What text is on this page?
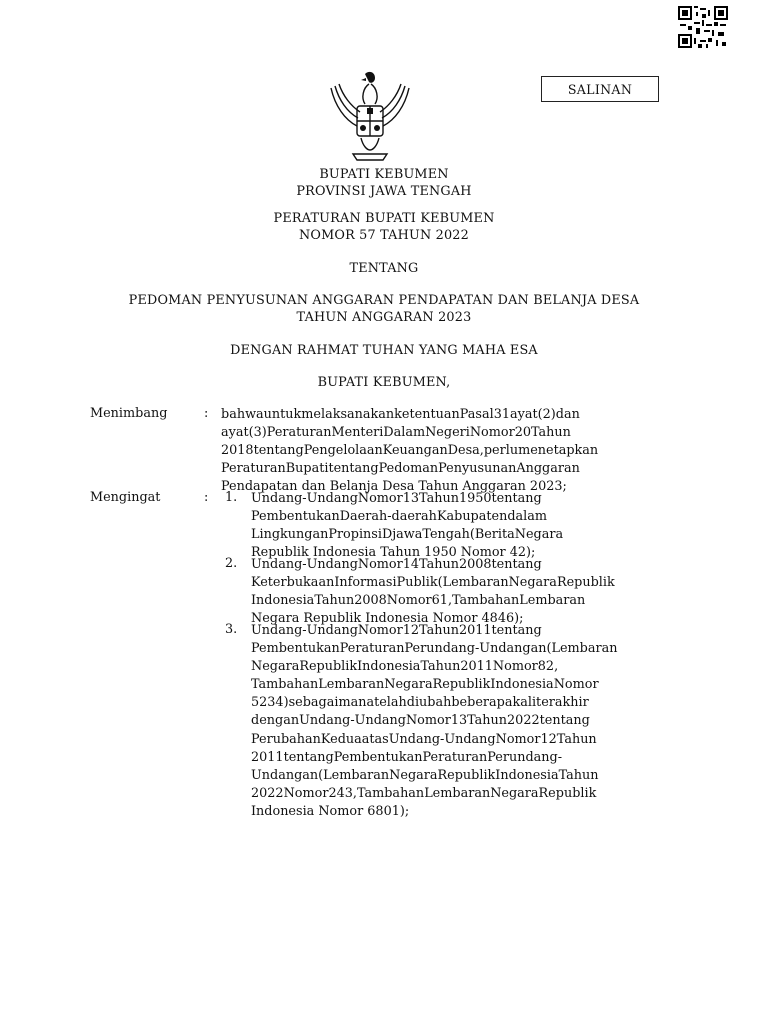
SALINAN
BUPATI KEBUMEN
PROVINSI JAWA TENGAH
PERATURAN BUPATI KEBUMEN
NOMOR 57 TAHUN 2022
TENTANG
PEDOMAN PENYUSUNAN ANGGARAN PENDAPATAN DAN BELANJA DESA
TAHUN ANGGARAN 2023
DENGAN RAHMAT TUHAN YANG MAHA ESA
BUPATI KEBUMEN,
Menimbang	: bahwauntukmelaksanakanketentuanPasal31ayat(2)dan
ayat(3)PeraturanMenteriDalamNegeriNomor20Tahun
2018tentangPengelolaanKeuanganDesa,perlumenetapkan
PeraturanBupatitentangPedomanPenyusunanAnggaran
Pendapatan dan Belanja Desa Tahun Anggaran 2023;
Mengingat	: 1. Undang-UndangNomor13Tahun1950tentang
PembentukanDaerah-daerahKabupatendalam
LingkunganPropinsiDjawaTengah(BeritaNegara
Republik Indonesia Tahun 1950 Nomor 42);
2. Undang-UndangNomor14Tahun2008tentang
KeterbukaanInformasiPublik(LembaranNegaraRepublik
IndonesiaTahun2008Nomor61,TambahanLembaran
Negara Republik Indonesia Nomor 4846);
3. Undang-UndangNomor12Tahun2011tentang
PembentukanPeraturanPerundang-Undangan(Lembaran
NegaraRepublikIndonesiaTahun2011Nomor82,
TambahanLembaranNegaraRepublikIndonesiaNomor
5234)sebagaimanatelahdiubahbeberapakaliterakhir
denganUndang-UndangNomor13Tahun2022tentang
PerubahanKeduaatasUndang-UndangNomor12Tahun
2011tentangPembentukanPeraturanPerundang-
Undangan(LembaranNegaraRepublikIndonesiaTahun
2022Nomor243,TambahanLembaranNegaraRepublik
Indonesia Nomor 6801);
